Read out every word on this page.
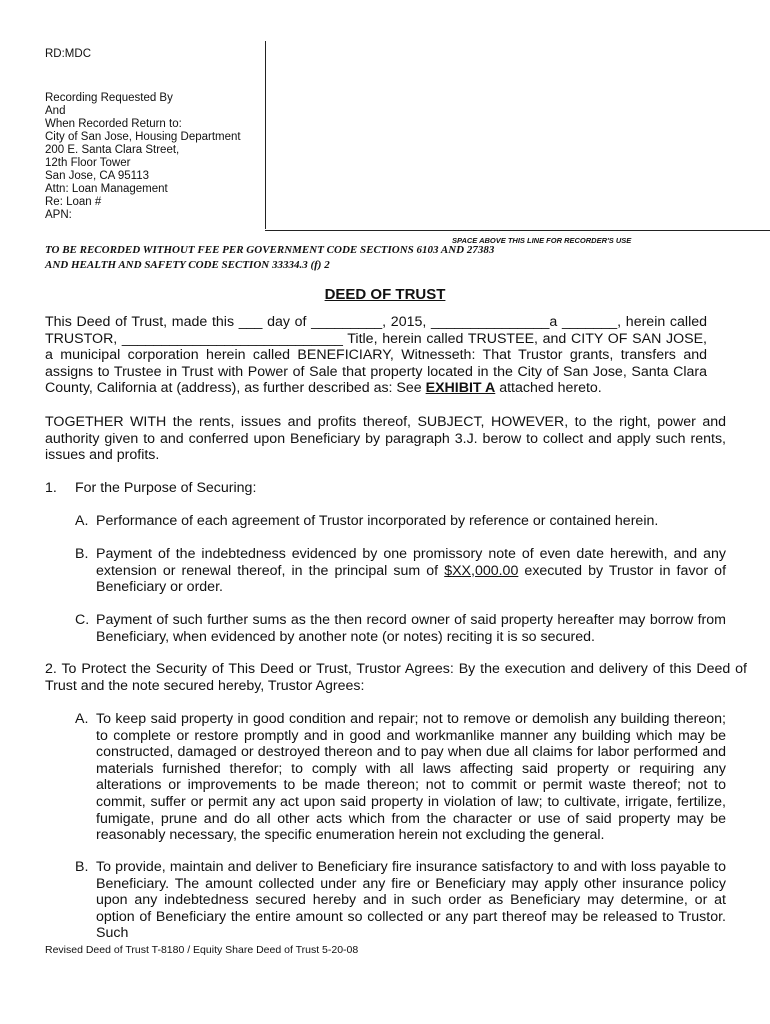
RD:MDC
Recording Requested By
And
When Recorded Return to:
City of San Jose, Housing Department
200 E. Santa Clara Street,
12th Floor Tower
San Jose, CA 95113
Attn: Loan Management
Re: Loan #
APN:
SPACE ABOVE THIS LINE FOR RECORDER'S USE
TO BE RECORDED WITHOUT FEE PER GOVERNMENT CODE SECTIONS 6103 AND 27383
AND HEALTH AND SAFETY CODE SECTION 33334.3 (f) 2
DEED OF TRUST

This Deed of Trust, made this ___ day of _________, 2015, _______________a _______, herein called TRUSTOR, ____________________________ Title, herein called TRUSTEE, and CITY OF SAN JOSE, a municipal corporation herein called BENEFICIARY, Witnesseth: That Trustor grants, transfers and assigns to Trustee in Trust with Power of Sale that property located in the City of San Jose, Santa Clara County, California at (address), as further described as: See EXHIBIT A attached hereto.

TOGETHER WITH the rents, issues and profits thereof, SUBJECT, HOWEVER, to the right, power and authority given to and conferred upon Beneficiary by paragraph 3.J. berow to collect and apply such rents, issues and profits.

1. For the Purpose of Securing:
A. Performance of each agreement of Trustor incorporated by reference or contained herein.

B. Payment of the indebtedness evidenced by one promissory note of even date herewith, and any extension or renewal thereof, in the principal sum of $XX,000.00 executed by Trustor in favor of Beneficiary or order.

C. Payment of such further sums as the then record owner of said property hereafter may borrow from Beneficiary, when evidenced by another note (or notes) reciting it is so secured.

2. To Protect the Security of This Deed or Trust, Trustor Agrees: By the execution and delivery of this Deed of Trust and the note secured hereby, Trustor Agrees:

A. To keep said property in good condition and repair; not to remove or demolish any building thereon; to complete or restore promptly and in good and workmanlike manner any building which may be constructed, damaged or destroyed thereon and to pay when due all claims for labor performed and materials furnished therefor; to comply with all laws affecting said property or requiring any alterations or improvements to be made thereon; not to commit or permit waste thereof; not to commit, suffer or permit any act upon said property in violation of law; to cultivate, irrigate, fertilize, fumigate, prune and do all other acts which from the character or use of said property may be reasonably necessary, the specific enumeration herein not excluding the general.

B. To provide, maintain and deliver to Beneficiary fire insurance satisfactory to and with loss payable to Beneficiary. The amount collected under any fire or Beneficiary may apply other insurance policy upon any indebtedness secured hereby and in such order as Beneficiary may determine, or at option of Beneficiary the entire amount so collected or any part thereof may be released to Trustor. Such

Revised Deed of Trust T-8180 / Equity Share Deed of Trust 5-20-08
